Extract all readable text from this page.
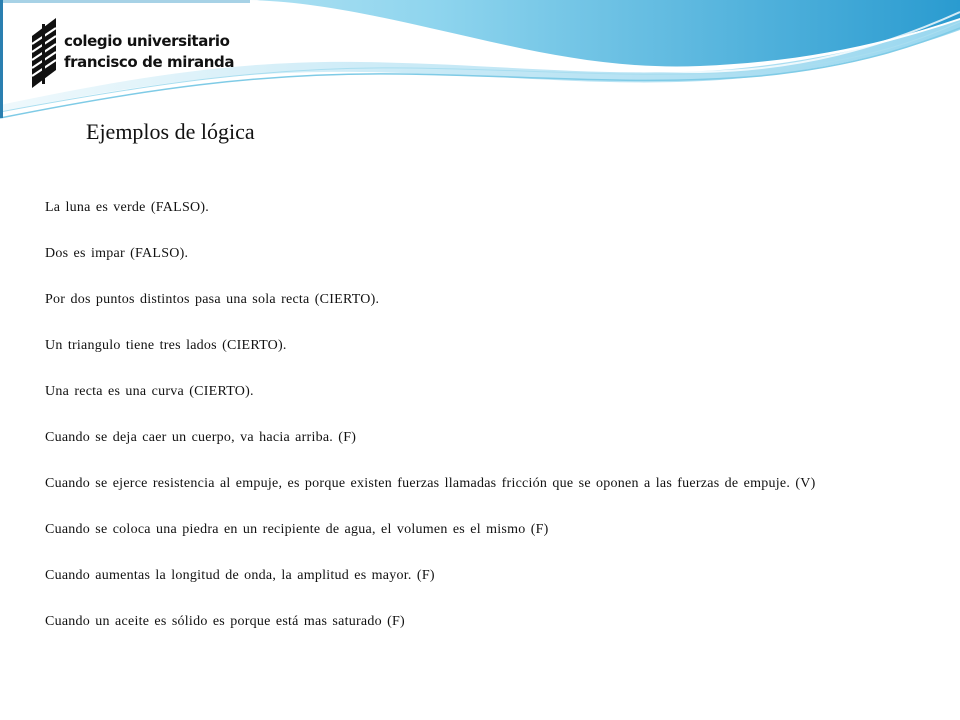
colegio universitario
francisco de miranda
Ejemplos de lógica
La luna es verde (FALSO).
Dos es impar (FALSO).
Por dos puntos distintos pasa una sola recta (CIERTO).
Un triangulo tiene tres lados (CIERTO).
Una recta es una curva (CIERTO).
Cuando se deja caer un cuerpo, va hacia arriba. (F)
Cuando se ejerce resistencia al empuje, es porque existen fuerzas llamadas fricción que se oponen a las fuerzas de empuje. (V)
Cuando se coloca una piedra en un recipiente de agua, el volumen es el mismo (F)
Cuando aumentas la longitud de onda, la amplitud es mayor. (F)
Cuando un aceite es sólido es porque está mas saturado (F)
